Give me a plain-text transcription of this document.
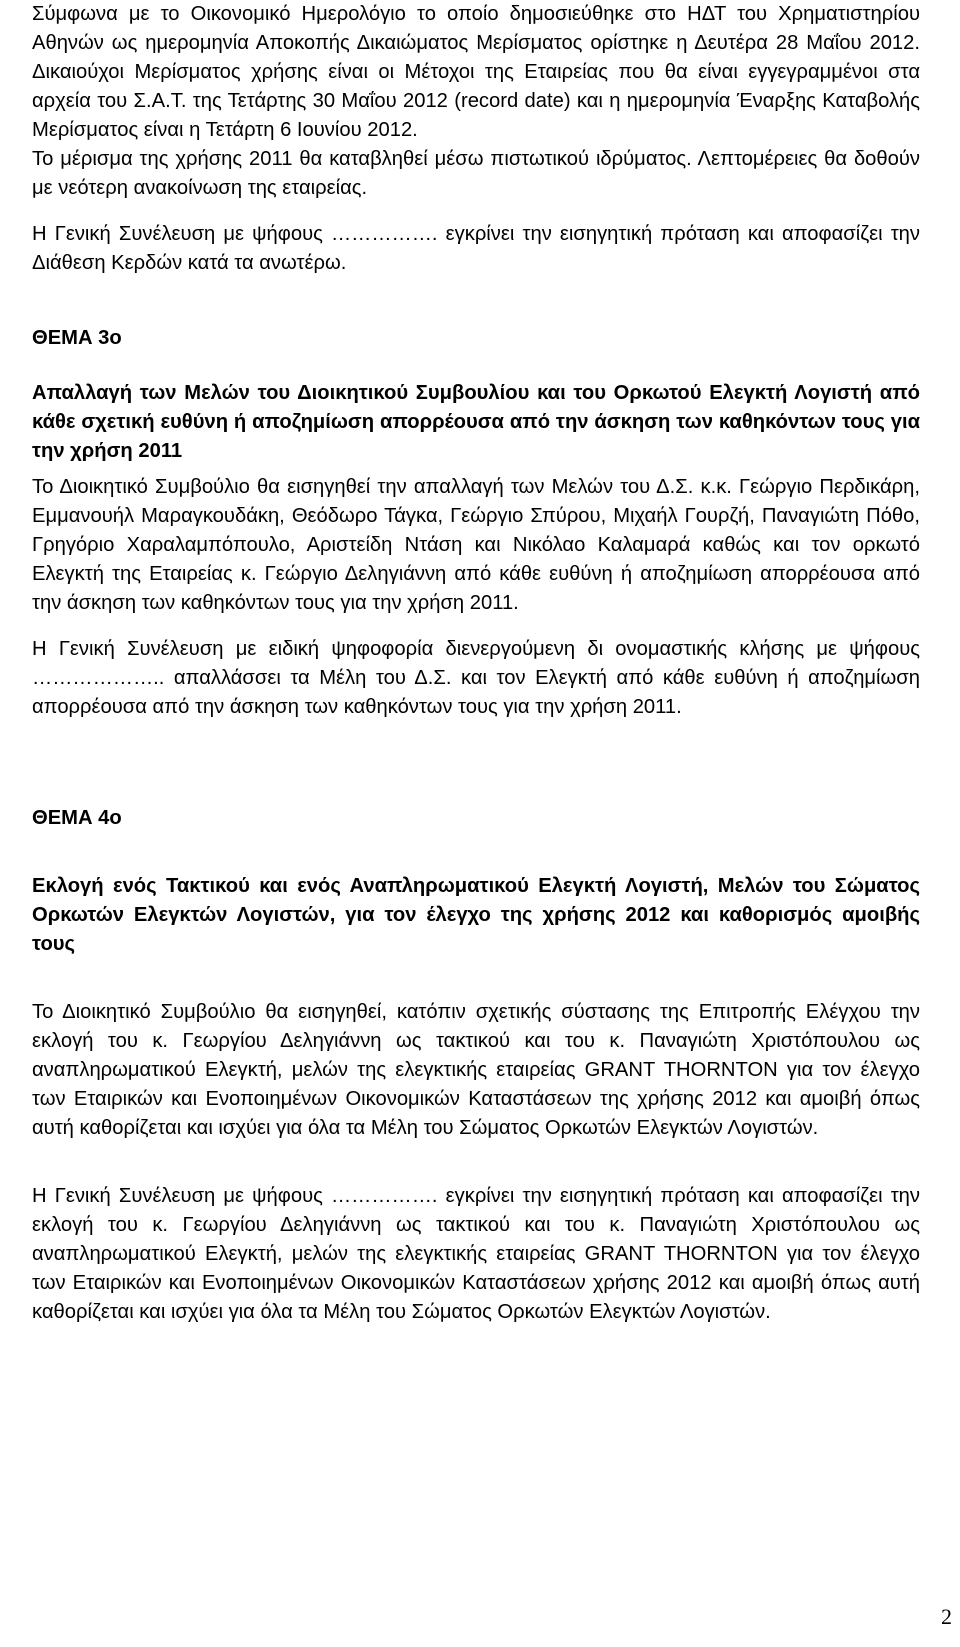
Σύμφωνα με το Οικονομικό Ημερολόγιο το οποίο δημοσιεύθηκε στο ΗΔΤ του Χρηματιστηρίου Αθηνών ως ημερομηνία Αποκοπής Δικαιώματος Μερίσματος ορίστηκε η Δευτέρα 28 Μαΐου 2012. Δικαιούχοι Μερίσματος χρήσης είναι οι Μέτοχοι της Εταιρείας που θα είναι εγγεγραμμένοι στα αρχεία του Σ.Α.Τ. της Τετάρτης 30 Μαΐου 2012 (record date) και η ημερομηνία Έναρξης Καταβολής Μερίσματος είναι η Τετάρτη 6 Ιουνίου 2012.

Το μέρισμα της χρήσης 2011 θα καταβληθεί μέσω πιστωτικού ιδρύματος. Λεπτομέρειες θα δοθούν με νεότερη ανακοίνωση της εταιρείας.

Η Γενική Συνέλευση με ψήφους ……………. εγκρίνει την εισηγητική πρόταση και αποφασίζει την Διάθεση Κερδών κατά τα ανωτέρω.

ΘΕΜΑ 3ο

Απαλλαγή των Μελών του Διοικητικού Συμβουλίου και του Ορκωτού Ελεγκτή Λογιστή από κάθε σχετική ευθύνη ή αποζημίωση απορρέουσα από την άσκηση των καθηκόντων τους για την χρήση 2011

Το Διοικητικό Συμβούλιο θα εισηγηθεί την απαλλαγή των Μελών του Δ.Σ. κ.κ. Γεώργιο Περδικάρη, Εμμανουήλ Μαραγκουδάκη, Θεόδωρο Τάγκα, Γεώργιο Σπύρου, Μιχαήλ Γουρζή, Παναγιώτη Πόθο, Γρηγόριο Χαραλαμπόπουλο, Αριστείδη Ντάση και Νικόλαο Καλαμαρά καθώς και τον ορκωτό Ελεγκτή της Εταιρείας κ. Γεώργιο Δεληγιάννη από κάθε ευθύνη ή αποζημίωση απορρέουσα από την άσκηση των καθηκόντων τους για την χρήση 2011.

Η Γενική Συνέλευση με ειδική ψηφοφορία διενεργούμενη δι ονομαστικής κλήσης με ψήφους ……………….. απαλλάσσει τα Μέλη του Δ.Σ. και τον Ελεγκτή από κάθε ευθύνη ή αποζημίωση απορρέουσα από την άσκηση των καθηκόντων τους για την χρήση 2011.

ΘΕΜΑ 4ο

Εκλογή ενός Τακτικού και ενός Αναπληρωματικού Ελεγκτή Λογιστή, Μελών του Σώματος Ορκωτών Ελεγκτών Λογιστών, για τον έλεγχο της χρήσης 2012 και καθορισμός αμοιβής τους

Το Διοικητικό Συμβούλιο θα εισηγηθεί, κατόπιν σχετικής σύστασης της Επιτροπής Ελέγχου την εκλογή του κ. Γεωργίου Δεληγιάννη ως τακτικού και του κ. Παναγιώτη Χριστόπουλου ως αναπληρωματικού Ελεγκτή, μελών της ελεγκτικής εταιρείας GRANT THORNTON για τον έλεγχο των Εταιρικών και Ενοποιημένων Οικονομικών Καταστάσεων της χρήσης 2012 και αμοιβή όπως αυτή καθορίζεται και ισχύει για όλα τα Μέλη του Σώματος Ορκωτών Ελεγκτών Λογιστών.

Η Γενική Συνέλευση με ψήφους ……………. εγκρίνει την εισηγητική πρόταση και αποφασίζει την εκλογή του κ. Γεωργίου Δεληγιάννη ως τακτικού και του κ. Παναγιώτη Χριστόπουλου ως αναπληρωματικού Ελεγκτή, μελών της ελεγκτικής εταιρείας GRANT THORNTON για τον έλεγχο των Εταιρικών και Ενοποιημένων Οικονομικών Καταστάσεων χρήσης 2012 και αμοιβή όπως αυτή καθορίζεται και ισχύει για όλα τα Μέλη του Σώματος Ορκωτών Ελεγκτών Λογιστών.

2
